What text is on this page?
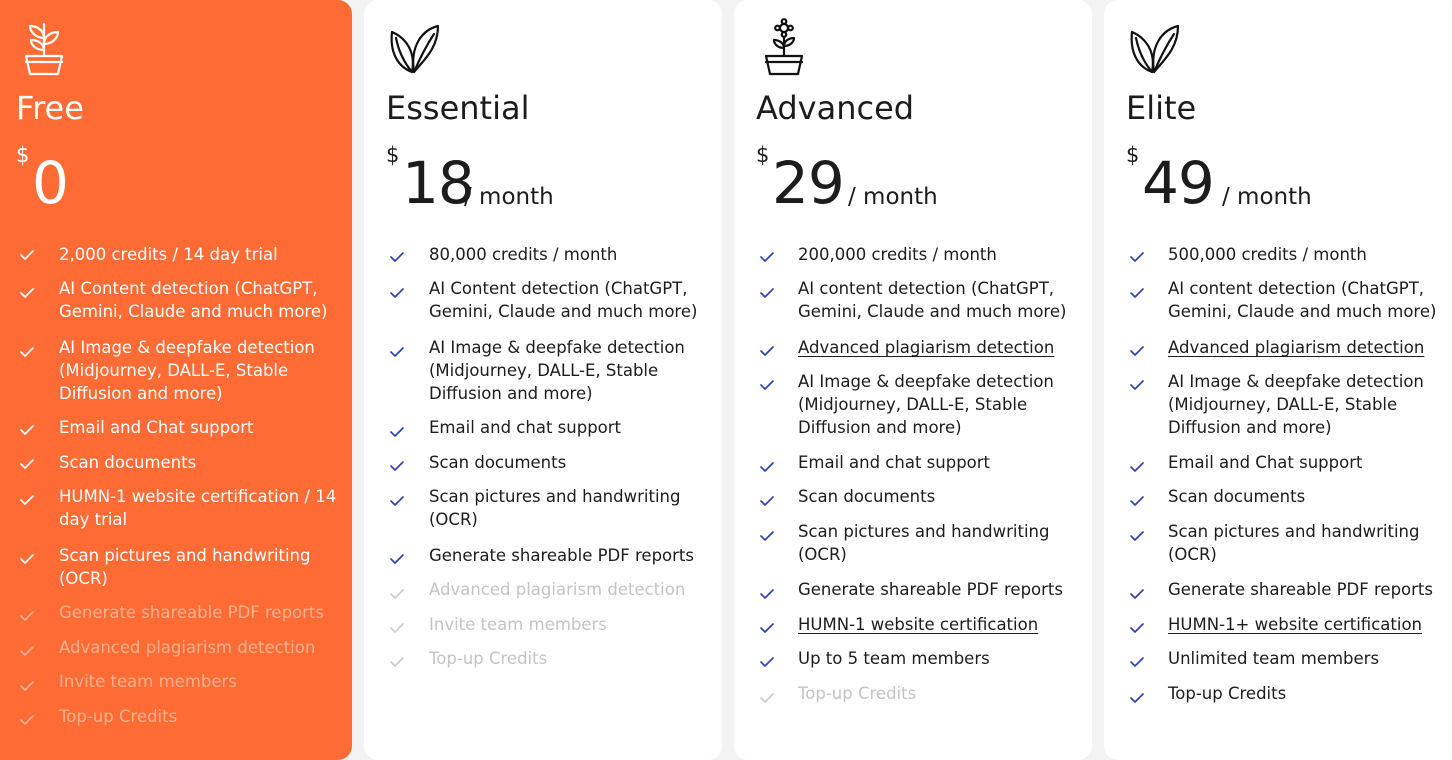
Free
$ 0
2,000 credits / 14 day trial
AI Content detection (ChatGPT, Gemini, Claude and much more)
AI Image & deepfake detection (Midjourney, DALL-E, Stable Diffusion and more)
Email and Chat support
Scan documents
HUMN-1 website certification / 14 day trial
Scan pictures and handwriting (OCR)
Generate shareable PDF reports
Advanced plagiarism detection
Invite team members
Top-up Credits
Essential
$ 18
/ month
80,000 credits / month
AI Content detection (ChatGPT, Gemini, Claude and much more)
AI Image & deepfake detection (Midjourney, DALL-E, Stable Diffusion and more)
Email and chat support
Scan documents
Scan pictures and handwriting (OCR)
Generate shareable PDF reports
Advanced plagiarism detection
Invite team members
Top-up Credits
Advanced
$ 29 / month
200,000 credits / month
AI content detection (ChatGPT, Gemini, Claude and much more)
Advanced plagiarism detection
AI Image & deepfake detection (Midjourney, DALL-E, Stable Diffusion and more)
Email and chat support
Scan documents
Scan pictures and handwriting (OCR)
Generate shareable PDF reports
HUMN-1 website certification
Up to 5 team members
Top-up Credits
Elite
$ 49 / month
500,000 credits / month
AI content detection (ChatGPT, Gemini, Claude and much more)
Advanced plagiarism detection
AI Image & deepfake detection (Midjourney, DALL-E, Stable Diffusion and more)
Email and Chat support
Scan documents
Scan pictures and handwriting (OCR)
Generate shareable PDF reports
HUMN-1+ website certification
Unlimited team members
Top-up Credits
